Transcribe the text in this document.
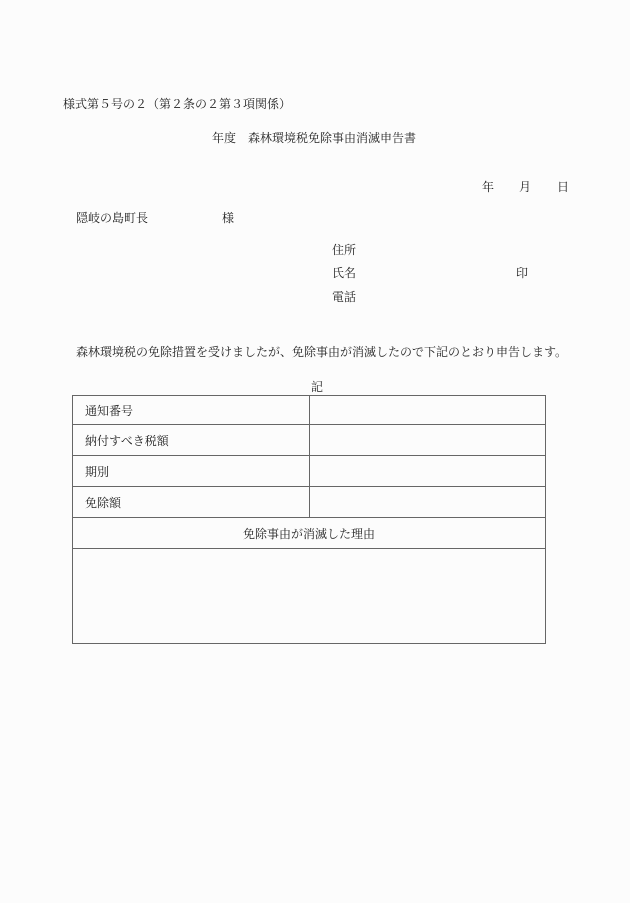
様式第５号の２（第２条の２第３項関係）
年度　森林環境税免除事由消滅申告書
年 月 日
隠岐の島町長	様
住所
氏名	印
電話
森林環境税の免除措置を受けましたが、免除事由が消滅したので下記のとおり申告します。
記
通知番号	
納付すべき税額	
期別	
免除額	
免除事由が消滅した理由	
